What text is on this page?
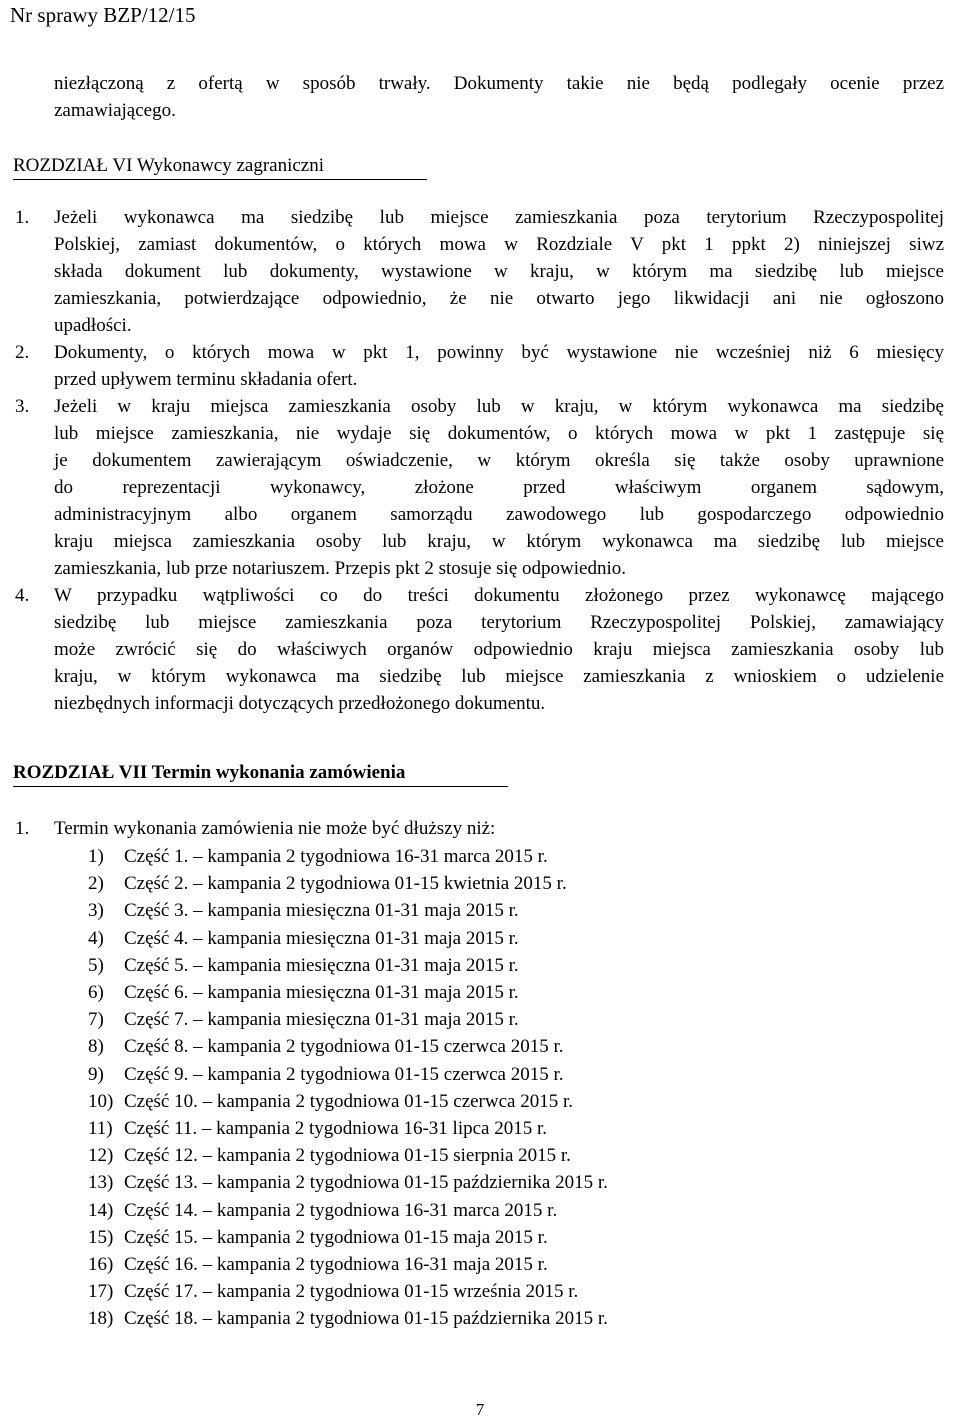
Nr sprawy BZP/12/15
niezłączoną z ofertą w sposób trwały. Dokumenty takie nie będą podlegały ocenie przez
zamawiającego.
ROZDZIAŁ VI Wykonawcy zagraniczni
1. Jeżeli wykonawca ma siedzibę lub miejsce zamieszkania poza terytorium Rzeczypospolitej
Polskiej, zamiast dokumentów, o których mowa w Rozdziale V pkt 1 ppkt 2) niniejszej siwz
składa dokument lub dokumenty, wystawione w kraju, w którym ma siedzibę lub miejsce
zamieszkania, potwierdzające odpowiednio, że nie otwarto jego likwidacji ani nie ogłoszono
upadłości.
2. Dokumenty, o których mowa w pkt 1, powinny być wystawione nie wcześniej niż 6 miesięcy
przed upływem terminu składania ofert.
3. Jeżeli w kraju miejsca zamieszkania osoby lub w kraju, w którym wykonawca ma siedzibę
lub miejsce zamieszkania, nie wydaje się dokumentów, o których mowa w pkt 1 zastępuje się
je dokumentem zawierającym oświadczenie, w którym określa się także osoby uprawnione
do reprezentacji wykonawcy, złożone przed właściwym organem sądowym,
administracyjnym albo organem samorządu zawodowego lub gospodarczego odpowiednio
kraju miejsca zamieszkania osoby lub kraju, w którym wykonawca ma siedzibę lub miejsce
zamieszkania, lub prze notariuszem. Przepis pkt 2 stosuje się odpowiednio.
4. W przypadku wątpliwości co do treści dokumentu złożonego przez wykonawcę mającego
siedzibę lub miejsce zamieszkania poza terytorium Rzeczypospolitej Polskiej, zamawiający
może zwrócić się do właściwych organów odpowiednio kraju miejsca zamieszkania osoby lub
kraju, w którym wykonawca ma siedzibę lub miejsce zamieszkania z wnioskiem o udzielenie
niezbędnych informacji dotyczących przedłożonego dokumentu.
ROZDZIAŁ VII Termin wykonania zamówienia
1. Termin wykonania zamówienia nie może być dłuższy niż:
1) Część 1. – kampania 2 tygodniowa 16-31 marca 2015 r.
2) Część 2. – kampania 2 tygodniowa 01-15 kwietnia 2015 r.
3) Część 3. – kampania miesięczna 01-31 maja 2015 r.
4) Część 4. – kampania miesięczna 01-31 maja 2015 r.
5) Część 5. – kampania miesięczna 01-31 maja 2015 r.
6) Część 6. – kampania miesięczna 01-31 maja 2015 r.
7) Część 7. – kampania miesięczna 01-31 maja 2015 r.
8) Część 8. – kampania 2 tygodniowa 01-15 czerwca 2015 r.
9) Część 9. – kampania 2 tygodniowa 01-15 czerwca 2015 r.
10) Część 10. – kampania 2 tygodniowa 01-15 czerwca 2015 r.
11) Część 11. – kampania 2 tygodniowa 16-31 lipca 2015 r.
12) Część 12. – kampania 2 tygodniowa 01-15 sierpnia 2015 r.
13) Część 13. – kampania 2 tygodniowa 01-15 października 2015 r.
14) Część 14. – kampania 2 tygodniowa 16-31 marca 2015 r.
15) Część 15. – kampania 2 tygodniowa 01-15 maja 2015 r.
16) Część 16. – kampania 2 tygodniowa 16-31 maja 2015 r.
17) Część 17. – kampania 2 tygodniowa 01-15 września 2015 r.
18) Część 18. – kampania 2 tygodniowa 01-15 października 2015 r.
7
